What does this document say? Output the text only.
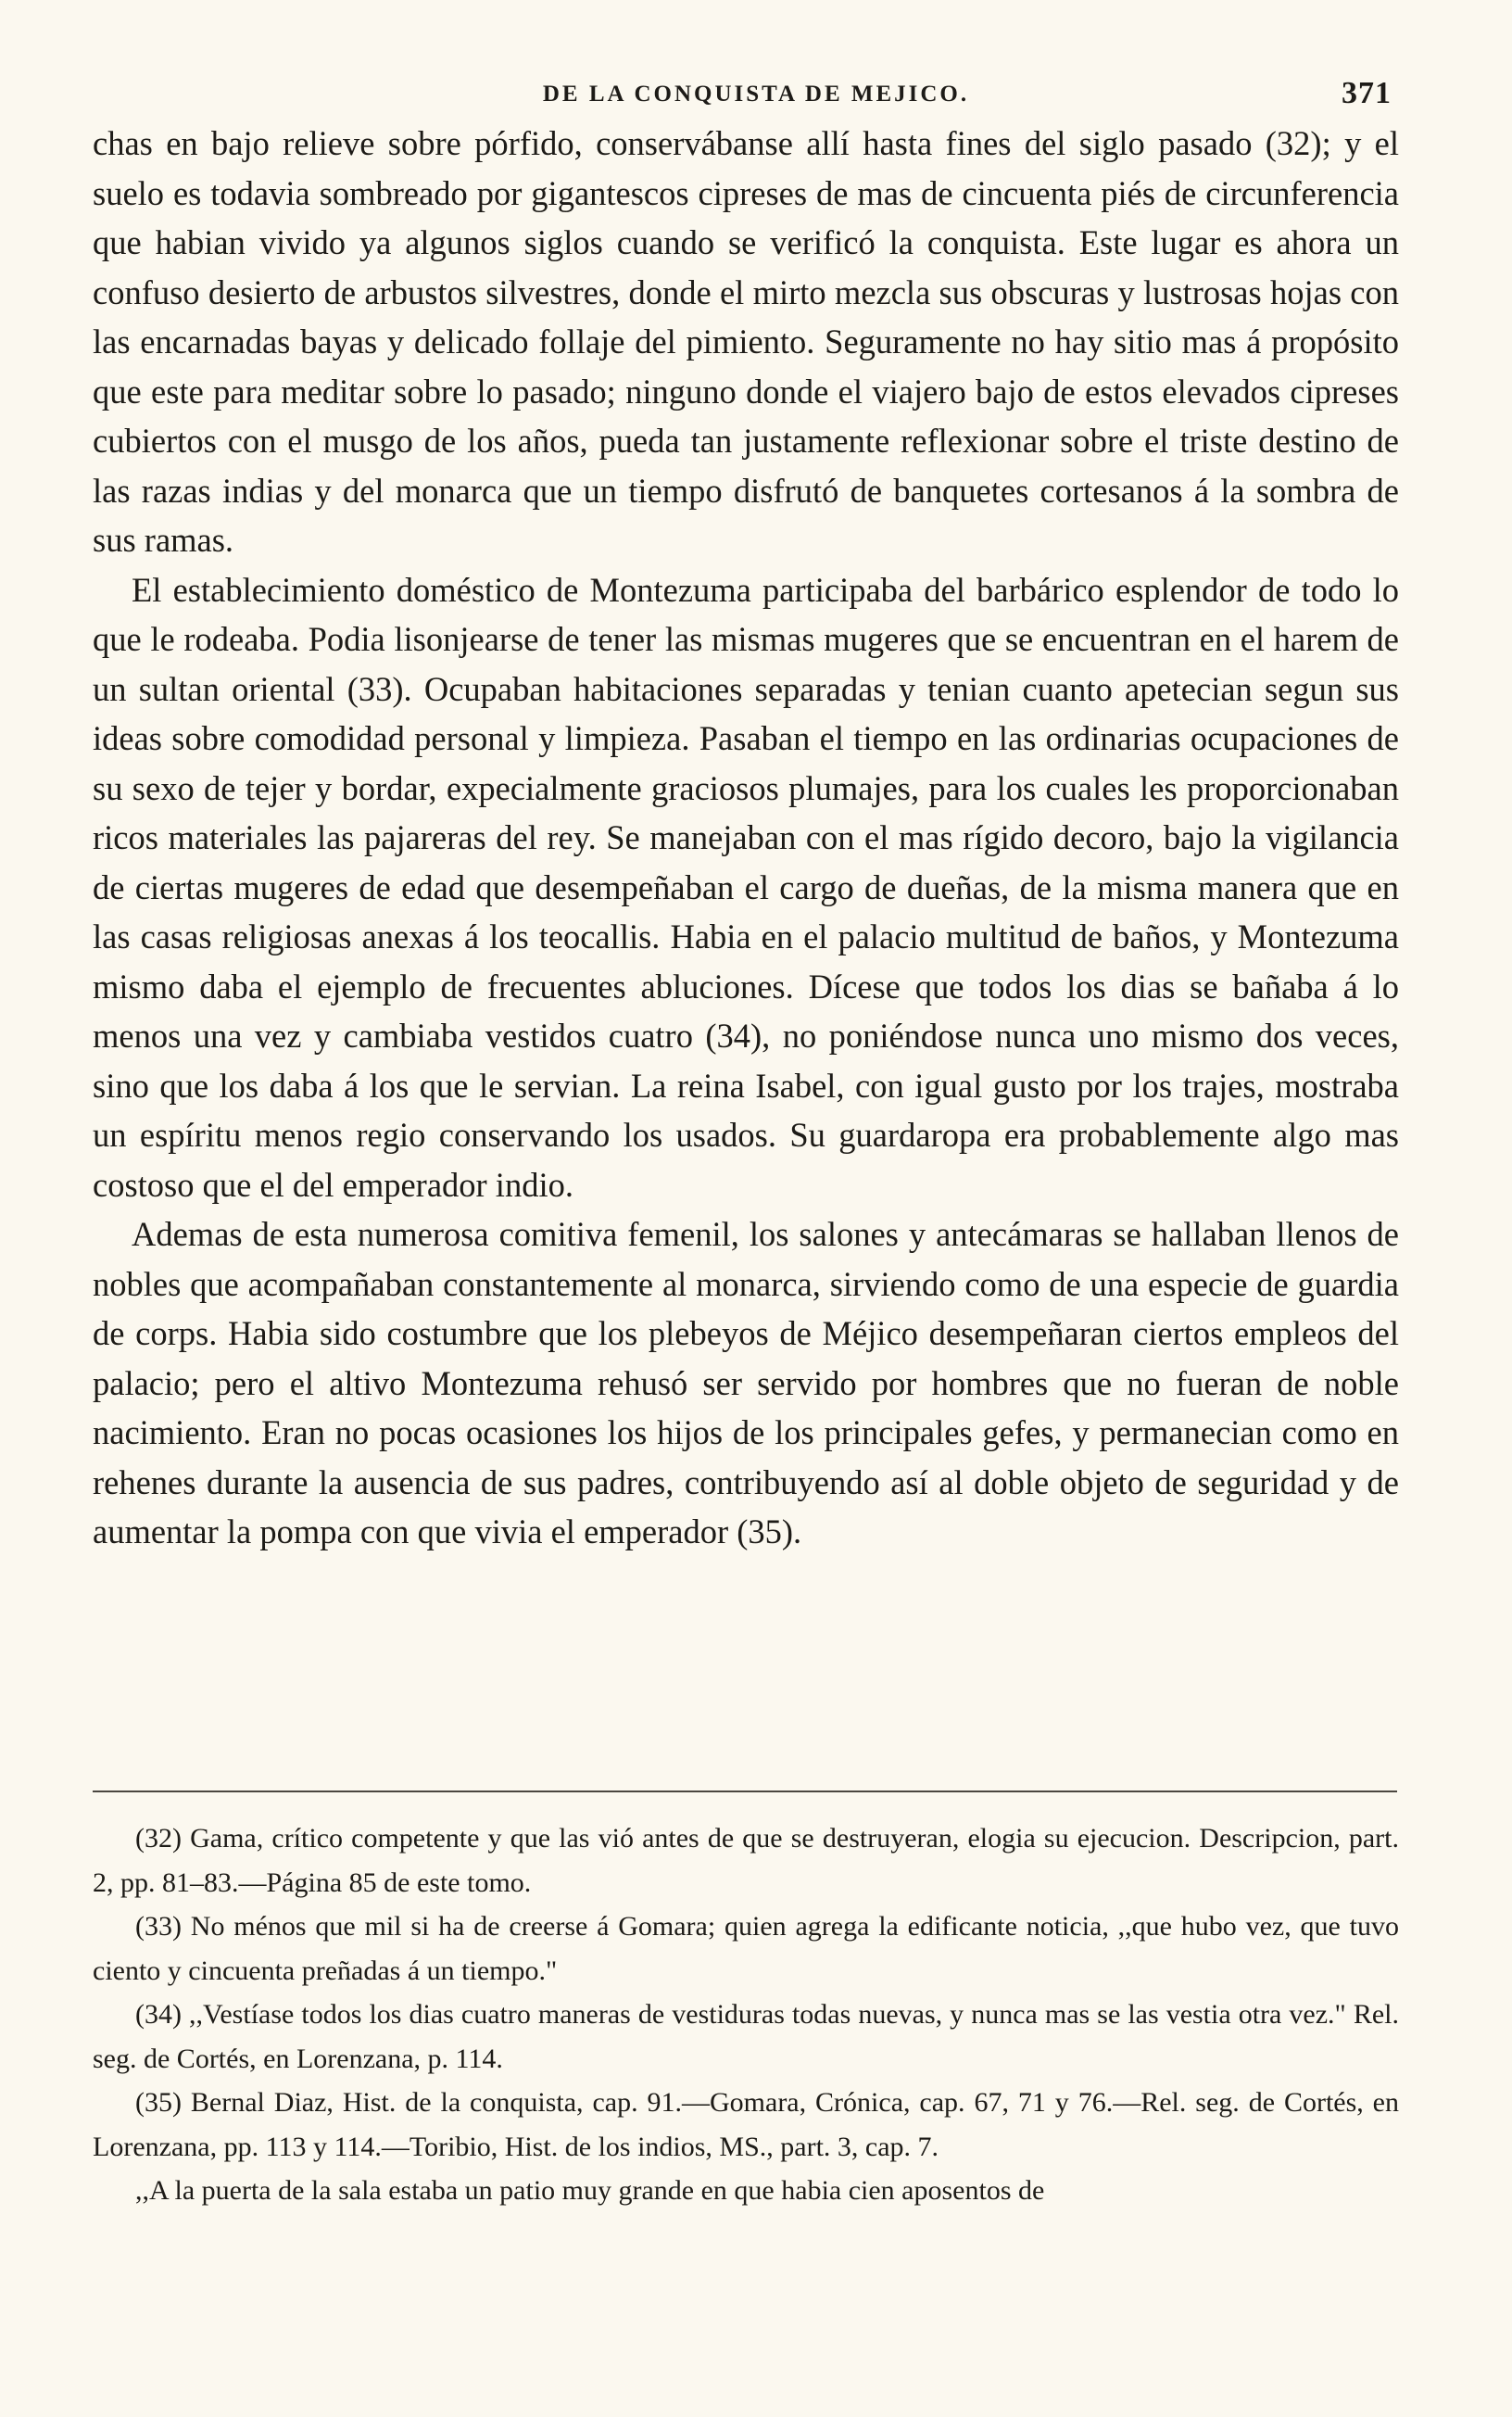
DE LA CONQUISTA DE MEJICO.	371

chas en bajo relieve sobre pórfido, conservábanse allí hasta fines del siglo pasado (32); y el suelo es todavia sombreado por gigantescos cipreses de mas de cincuenta piés de circunferencia que habian vivido ya algunos siglos cuando se verificó la conquista. Este lugar es ahora un confuso desierto de arbustos silvestres, donde el mirto mezcla sus obscuras y lustrosas hojas con las encarnadas bayas y delicado follaje del pimiento. Seguramente no hay sitio mas á propósito que este para meditar sobre lo pasado; ninguno donde el viajero bajo de estos elevados cipreses cubiertos con el musgo de los años, pueda tan justamente reflexionar sobre el triste destino de las razas indias y del monarca que un tiempo disfrutó de banquetes cortesanos á la sombra de sus ramas.

El establecimiento doméstico de Montezuma participaba del barbárico esplendor de todo lo que le rodeaba. Podia lisonjearse de tener las mismas mugeres que se encuentran en el harem de un sultan oriental (33). Ocupaban habitaciones separadas y tenian cuanto apetecian segun sus ideas sobre comodidad personal y limpieza. Pasaban el tiempo en las ordinarias ocupaciones de su sexo de tejer y bordar, expecialmente graciosos plumajes, para los cuales les proporcionaban ricos materiales las pajareras del rey. Se manejaban con el mas rígido decoro, bajo la vigilancia de ciertas mugeres de edad que desempeñaban el cargo de dueñas, de la misma manera que en las casas religiosas anexas á los teocallis. Habia en el palacio multitud de baños, y Montezuma mismo daba el ejemplo de frecuentes abluciones. Dícese que todos los dias se bañaba á lo menos una vez y cambiaba vestidos cuatro (34), no poniéndose nunca uno mismo dos veces, sino que los daba á los que le servian. La reina Isabel, con igual gusto por los trajes, mostraba un espíritu menos regio conservando los usados. Su guardaropa era probablemente algo mas costoso que el del emperador indio.

Ademas de esta numerosa comitiva femenil, los salones y antecámaras se hallaban llenos de nobles que acompañaban constantemente al monarca, sirviendo como de una especie de guardia de corps. Habia sido costumbre que los plebeyos de Méjico desempeñaran ciertos empleos del palacio; pero el altivo Montezuma rehusó ser servido por hombres que no fueran de noble nacimiento. Eran no pocas ocasiones los hijos de los principales gefes, y permanecian como en rehenes durante la ausencia de sus padres, contribuyendo así al doble objeto de seguridad y de aumentar la pompa con que vivia el emperador (35).

(32) Gama, crítico competente y que las vió antes de que se destruyeran, elogia su ejecucion. Descripcion, part. 2, pp. 81–83.—Página 85 de este tomo.

(33) No ménos que mil si ha de creerse á Gomara; quien agrega la edificante noticia, ,,que hubo vez, que tuvo ciento y cincuenta preñadas á un tiempo."

(34) ,,Vestíase todos los dias cuatro maneras de vestiduras todas nuevas, y nunca mas se las vestia otra vez." Rel. seg. de Cortés, en Lorenzana, p. 114.

(35) Bernal Diaz, Hist. de la conquista, cap. 91.—Gomara, Crónica, cap. 67, 71 y 76.—Rel. seg. de Cortés, en Lorenzana, pp. 113 y 114.—Toribio, Hist. de los indios, MS., part. 3, cap. 7.

,,A la puerta de la sala estaba un patio muy grande en que habia cien aposentos de
